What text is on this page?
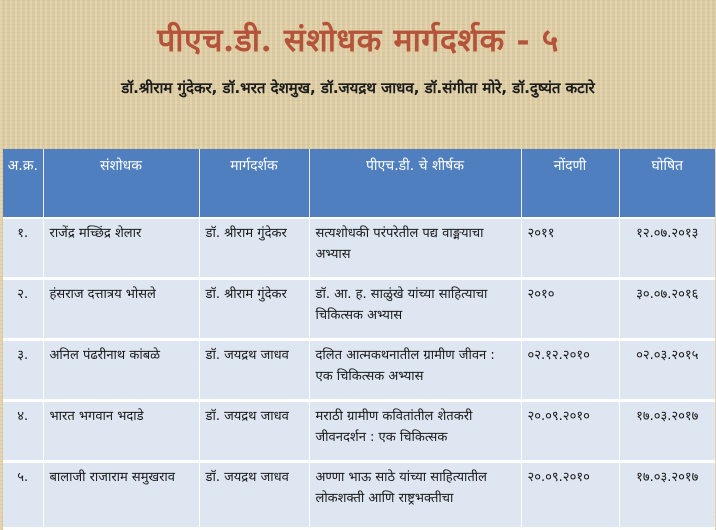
पीएच.डी. संशोधक मार्गदर्शक - ५

डॉ.श्रीराम गुंदेकर, डॉ.भरत देशमुख, डॉ.जयद्रथ जाधव, डॉ.संगीता मोरे, डॉ.दुष्यंत कटारे

अ.क्र.	संशोधक	मार्गदर्शक	पीएच.डी. चे शीर्षक	नोंदणी	घोषित
१.	राजेंद्र मच्छिंद्र शेलार	डॉ. श्रीराम गुंदेकर	सत्यशोधकी परंपरेतील पद्य वाङ्मयाचा अभ्यास	२०११	१२.०७.२०१३
२.	हंसराज दत्तात्रय भोसले	डॉ. श्रीराम गुंदेकर	डॉ. आ. ह. साळुंखे यांच्या साहित्याचा चिकित्सक अभ्यास	२०१०	३०.०७.२०१६
३.	अनिल पंढरीनाथ कांबळे	डॉ. जयद्रथ जाधव	दलित आत्मकथनातील ग्रामीण जीवन : एक चिकित्सक अभ्यास	०२.१२.२०१०	०२.०३.२०१५
४.	भारत भगवान भदाडे	डॉ. जयद्रथ जाधव	मराठी ग्रामीण कवितांतील शेतकरी जीवनदर्शन : एक चिकित्सक	२०.०९.२०१०	१७.०३.२०१७
५.	बालाजी राजाराम समुखराव	डॉ. जयद्रथ जाधव	अण्णा भाऊ साठे यांच्या साहित्यातील लोकशक्ती आणि राष्ट्रभक्तीचा	२०.०९.२०१०	१७.०३.२०१७
